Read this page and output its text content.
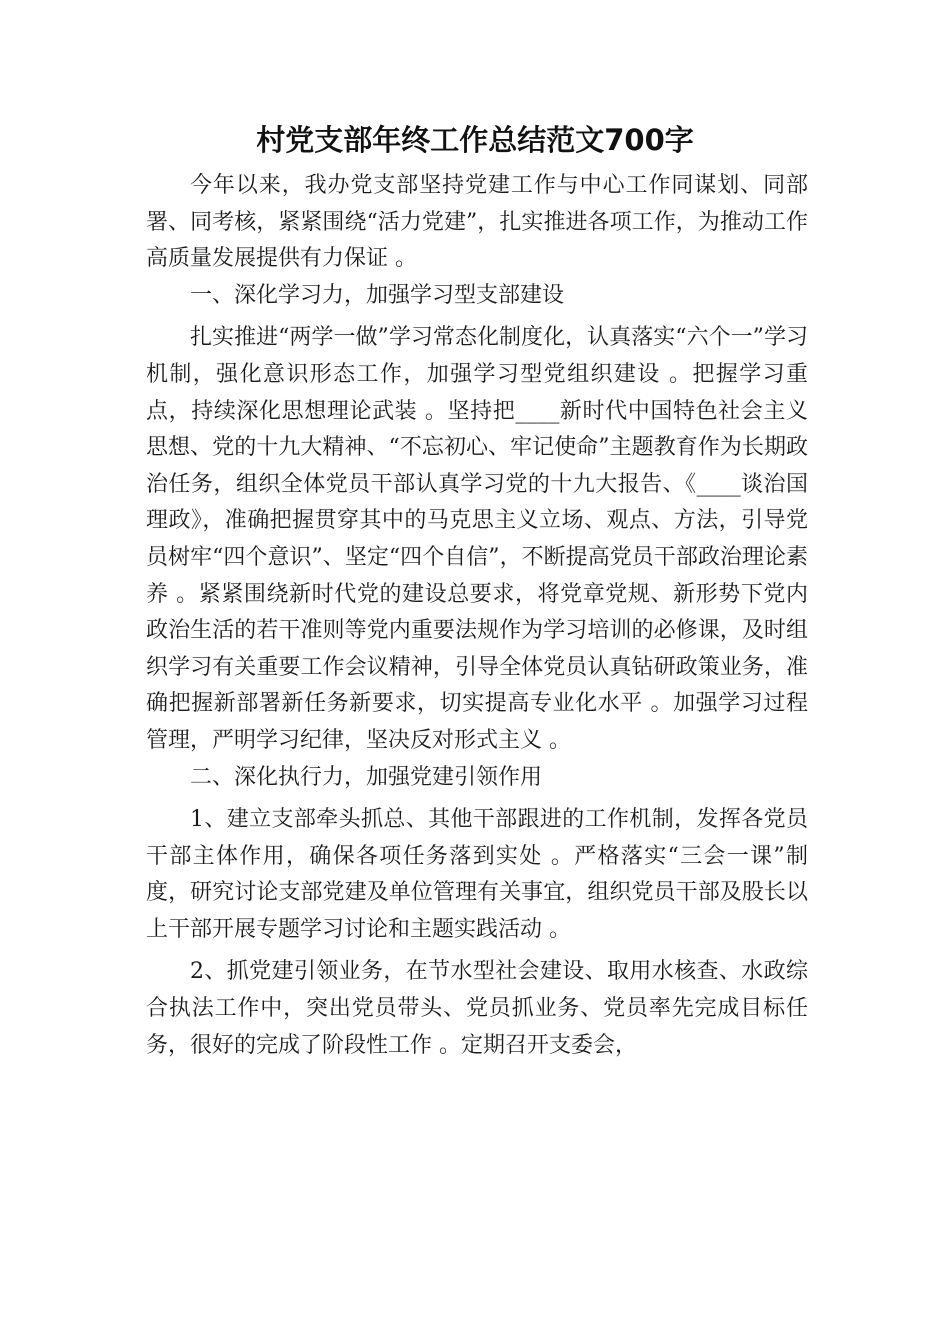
村党支部年终工作总结范文700字

今年以来，我办党支部坚持党建工作与中心工作同谋划、同部署、同考核，紧紧围绕“活力党建”，扎实推进各项工作，为推动工作高质量发展提供有力保证 。

一、深化学习力，加强学习型支部建设

扎实推进“两学一做”学习常态化制度化，认真落实“六个一”学习机制，强化意识形态工作，加强学习型党组织建设 。把握学习重点，持续深化思想理论武装 。坚持把____新时代中国特色社会主义思想、党的十九大精神、“不忘初心、牢记使命”主题教育作为长期政治任务，组织全体党员干部认真学习党的十九大报告、《____谈治国理政》，准确把握贯穿其中的马克思主义立场、观点、方法，引导党员树牢“四个意识”、坚定“四个自信”，不断提高党员干部政治理论素养 。紧紧围绕新时代党的建设总要求，将党章党规、新形势下党内政治生活的若干准则等党内重要法规作为学习培训的必修课，及时组织学习有关重要工作会议精神，引导全体党员认真钻研政策业务，准确把握新部署新任务新要求，切实提高专业化水平 。加强学习过程管理，严明学习纪律，坚决反对形式主义 。

二、深化执行力，加强党建引领作用

1、建立支部牵头抓总、其他干部跟进的工作机制，发挥各党员干部主体作用，确保各项任务落到实处 。严格落实“三会一课”制度，研究讨论支部党建及单位管理有关事宜，组织党员干部及股长以上干部开展专题学习讨论和主题实践活动 。

2、抓党建引领业务，在节水型社会建设、取用水核查、水政综合执法工作中，突出党员带头、党员抓业务、党员率先完成目标任务，很好的完成了阶段性工作 。定期召开支委会，
